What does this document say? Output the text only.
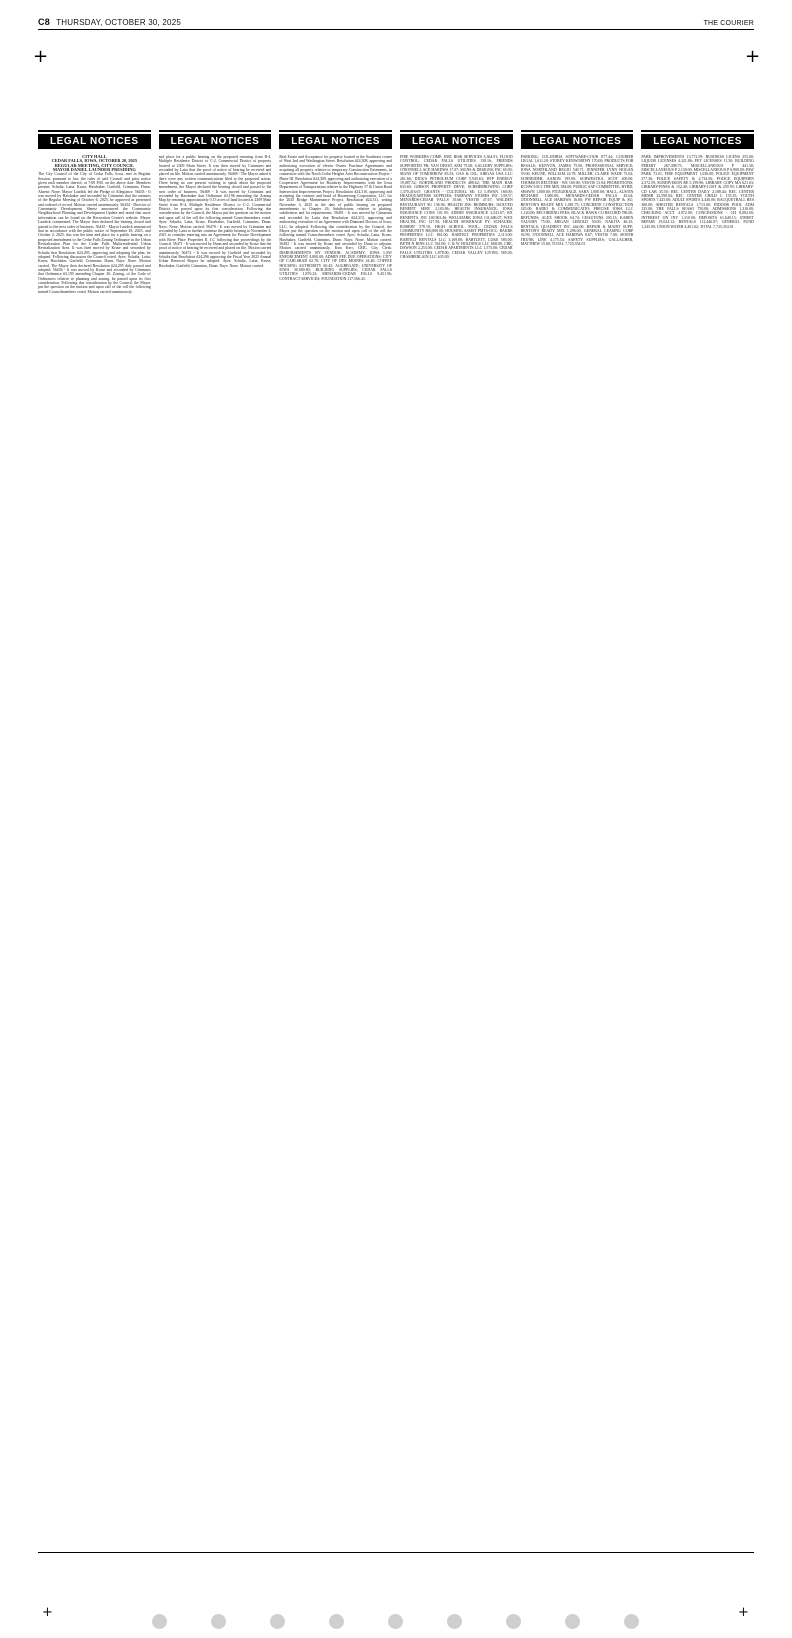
+	+
C8 THURSDAY, OCTOBER 30, 2025	THE COURIER
LEGAL NOTICES
CITY HALL
CEDAR FALLS, IOWA, OCTOBER 20, 2025
REGULAR MEETING, CITY COUNCIL
MAYOR DANIEL LAUNDER PRESIDING
The City Council of the City of Cedar Falls, Iowa, met in Regular Session, pursuant to law, the rules of said Council and prior notice given each member thereof, at 7:00 P.M. on the above date. Members present: Schultz, Latta, Kruse, Hawbaker, Garfield, Crimmins, Dunn. Absent: None. Mayor Laudick led the Pledge of Allegiance. 56433 - It was moved by Hawbaker and seconded by Crimmins that the minutes of the Regular Meeting of October 6, 2025, be approved as presented and ordered of record. Motion carried unanimously. 56434 - Director of Community Development Sheetz announced the Community Neighborhood Planning and Development Update and noted that more information can be found on the Recreation Center's website. Mayor Laudick commented. The Mayor then declared the hearing closed and passed to the next order of business. 56435 - Mayor Laudick announced that in accordance with the public notice of September 18, 2025, and October 2, 2025, this was the time and place for a public hearing on a proposed amendment to the Cedar Falls Zoning Ordinance in the Urban Revitalization Plan for the Cedar Falls Multiresidential Urban Revitalization Area. It was then moved by Kruse and seconded by Schultz that Resolution #24,295, approving and adopting the plan, be adopted. Following discussion the Council voted. Ayes: Schultz, Latta, Kruse, Hawbaker, Garfield, Crimmins, Dunn. Nays: None. Motion carried. The Mayor then declared Resolution #24,295 duly passed and adopted. 56436 - It was moved by Kruse and seconded by Crimmins that Ordinance #3,195 amending Chapter 26, Zoning, of the Code of Ordinances relative to planning and zoning, be passed upon its first consideration. Following due consideration by the Council, the Mayor put the question on the motion and upon call of the roll the following named Councilmembers voted. Motion carried unanimously.
LEGAL NOTICES
and place for a public hearing on the proposed rezoning from R-4, Multiple Residence District to C-2, Commercial District of property located at 2309 Main Street. It was then moved by Crimmins and seconded by Latta that the proof of notice of hearing be received and placed on file. Motion carried unanimously. 56468 - The Mayor asked if there were any written communications filed to the proposed action. There being no one present wishing to speak about the proposed amendment, the Mayor declared the hearing closed and passed to the next order of business. 56469 - It was moved by Crimmins and seconded by Hawbaker that Ordinance #3,196 amending the Zoning Map by rezoning approximately 0.15 acres of land located at 2309 Main Street from R-4, Multiple Residence District to C-2, Commercial District, be passed upon its first consideration. Following due consideration by the Council, the Mayor put the question on the motion and upon call of the roll the following named Councilmembers voted. Ayes: Schultz, Latta, Kruse, Hawbaker, Garfield, Crimmins, Dunn. Nays: None. Motion carried. 56470 - It was moved by Crimmins and seconded by Latta to further continue the public hearing to November 3, 2025 to consider entering into an Agreement for Private Development with River Place Properties II, LC following due proceedings by the Council. 56471 - It was moved by Dunn and seconded by Kruse that the proof of notice of hearing be received and placed on file. Motion carried unanimously. 56472 - It was moved by Garfield and seconded by Schultz that Resolution #24,296 approving the Fiscal Year 2025 Annual Urban Renewal Report be adopted. Ayes: Schultz, Latta, Kruse, Hawbaker, Garfield, Crimmins, Dunn. Nays: None. Motion carried.
LEGAL NOTICES
Real Estate and Acceptance for property located at the Southeast corner of West 2nd and Washington Street. Resolution #24,308, approving and authorizing execution of eleven Owner Purchase Agreements and acquiring all property relative to temporary Construction Easements, in connection with the North Cedar Heights Area Reconstruction Project - Phase III. Resolution #24,309, approving and authorizing execution of a Cooperative Agreement for Roadway Improvements with the Iowa Department of Transportation relative to the Highway 57 & Union Road Intersection Improvements Project. Resolution #24,310, approving and accepting the contract and bond of Boomerang Corporation, LLC for the 2025 Bridge Maintenance Project. Resolution #24,311, setting November 3, 2025 as the date of public hearing on proposed amendments to Chapter 26, Subdivisions, relative to platting, subdivision and lot requirements. 56491 - It was moved by Crimmins and seconded by Latta that Resolution #24,313, approving and authorizing execution of an Agreement with Diamond Doctors of Iowa, LLC, be adopted. Following due consideration by the Council, the Mayor put the question on the motion and upon call of the roll the following named Councilmembers voted. Ayes: Schultz, Latta, Kruse, Hawbaker, Garfield, Crimmins, Dunn. Nays: None. Motion carried. 56492 - It was moved by Kruse and seconded by Dunn to adjourn. Motion carried unanimously. Kim Kerr, CMC, City Clerk. DISBURSEMENTS BY VENDOR: ACADEMY; IOWA LAW ENFORCEMENT 4,800.00; ADMIN FEE DUE OPERATIONS; CITY OF CARLSBAD 62.78; CITY OF DES MOINES 24.40; COFFEE HOUSING AUTHORITY 60.45; AGGREGATE; UNIVERSITY OF IOWA 30,000.00; BUILDING SUPPLIES; CEDAR FALLS UTILITIES 1,876.23; MENARDS-CEDAR FALLS 9,451.96; CONTRACT SERVICES; FOUNDATION 117,566.43.
LEGAL NOTICES
FIRE WORKERS COMP; EMC RISK SERVICES 3,364.91; FLOOD CONTROL; CEDAR FALLS UTILITIES 158.16; FRIENDS SUPPORTED PR; VAN DEEST, KIM 75.00; GALLERY SUPPLIES; O'DONNELL ACE HARDWA 17.07; SIGNS & DESIGNS, INC 65.00; SIGNS OF TOMORROW 83.53; GAS & OIL; AIRGAS USA LLC 261.60; DICK'S PETROLEUM CORP 5,945.63; HTP ENERGY 19,087.52; NORTHLAND PRODUCTS 488.62; THE MAIN BAR 633.60; GIBSON PROPERTY DEVE; SCHMERBOWING CORP 1,370,416.67; GRANTS - CULTURAL SE; LI LAWAN 160.00; HEADQUARTERS SUPPLIES; FAREWAY STORES INC 139.57; MENARDS-CEDAR FALLS 35.60; VESTIS 47.67; WALDEN RESTAURANT SU 136.94; HEALTH INS. REIMBURS; ISOLVED BENEFIT SERV 2,103.06; HEALTH INSURANCE; IOWA INSURANCE CONS 101.59; ADMIN INSURANCE 3,541.67; RX BENEFITS, INC 169,963.46; WELLMARK IOWA 131,686.07; WEX HEALTH, INC 127.50; HEALTH SEWERAGE PY; SCHAUER, ROBERT 578.10; HIGH SCHOOL POOL; CEDAR FALLS COMMUNITY 800,000.00; HOUSING ASSIST PMTS-OCC; BAKRE PROPERTIES LLC 861.00; BARTELT PROPERTIES 2,113.00; BARTELT RENTALS LLC 3,169.00; BARTLETT, LUKE 585.00; BETH N BINS LLC 561.00; C & W HOLDINGS LLC 668.00; CBE, DAWSON 2,253.00; CEDAR APARTMENTS LLC 1,575.00; CEDAR FALLS UTILITIES 1,878.00; CEDAR VALLEY LIVING 585.00; CHAMBERLAIN LLC 635.00.
LEGAL NOTICES
PARKING; COLUMBIA SOFTWARE-COUR 877.44; COURIER LEGAL 1,611.20; STOREY KENWORTHY 170.00; PRODUCTS FOR RESALE; KENYON, JAMES 75.00; PROFESSIONAL SERVICE; IOWA NORTHLAND REGIO 540.71; JENNIFER LYNN HOGAN 95.00; KEUNE, WILLIAM 24.78; MILLER, CLAIRE WADE 75.63; SCHNEIDER, AARON 195.00; SCHWESTKA, SCOT 200.00; THOMSON REUTERS - WE 169.00; VESTIS 13.94; PROMOTIONS; KCNW-103.5 THE MIX 384.00; PUBLIC SAF COMMITTEE; BYRD, SHAWN 1,000.00; FITZGERALD, SARA 1,000.00; HALL, AUSTIN RICHARD 1,000.00; MENARDS-CEDAR FALLS 45.04; O'DONNELL ACE HARDWA 16.00; PW REPAIR EQUIP & SU; BENTON'S READY MIX 1,081.75; CONCRETE CONSTRUCTION 325.00; RADIO & COMMUNICATIO; PRECISE IOWA LLC 1,120.00; RECORDING FEES; BLACK HAWK CO RECORD 786.00; REFUNDS; ALEX SHOOK 64.74; CHAUTONS 203.13; KAREN VAUGHN 75.00; MEGAN LEBOLD 50.00; NAKITA 46.25; RENTALS; QUADIENT INC 444.00; REPAIR & MAINT SUPP; BENTON'S READY MIX 1,296.00; GENERAL LEASING CORP 82.99; O'DONNELL ACE HARDWA 8.67; VESTIS 7.80; SEWER TRUNK LINE 4,175.54; SAFETY SUPPLIES; GALLAGHER, MATTHEW 15.60; TOTAL 7,725,354.01
LEGAL NOTICES
PARK IMPROVEMENTS 13,772.59; BUSINESS LICENS 255.00; LIQUOR LICENSES 4,321.86; PET LICENSES 11.50; BUILDING PERMIT 267,498.75; MISCELLANEOUS P 441.30; MISCELLANEOUS P 2,130.00; MISCELLANEOUS P 6,900.00; PAW PARK 73.01; FIRE EQUIPMENT 1,030.00; POLICE EQUIPMENT 377.36; POLICE SAFETY & 2,734.56; POLICE EQUIPMEN 2,572.59; SUBDIVISION RE 5,199.96; LIBRARY COPY MA 621.03; LIBRARY-FINES & 152.40; LIBRARY-LOST & 259.59; LIBRARY-CD LAB 35.50; REC CENTER DAILY 2,188.44; REC CENTER MEMB 22,590.04; REC CENTER CHILD C 135.35; YOUTH SPORTS 7,425.00; ADULT SPORTS 4,440.00; RACQUETBALL RES 300.00; SHELTER RENTALS 1,713.00; INDOOR POOL ADM 135.00; THE FALLS SEASO 750.00; ADMISSIONS 1,310.00; CHECKING ACCT 4,972.00; CONCESSIONS - CH 8,082.00; INTEREST ON INV 1,310.00; DEPOSITS 61,649.13; STREET REPAIR 19,024.12; RENTALS 112,446.07; GENERAL FUND 1,245.00; UNION WATER 4,401.62; TOTAL 7,725,354.01
+	+
